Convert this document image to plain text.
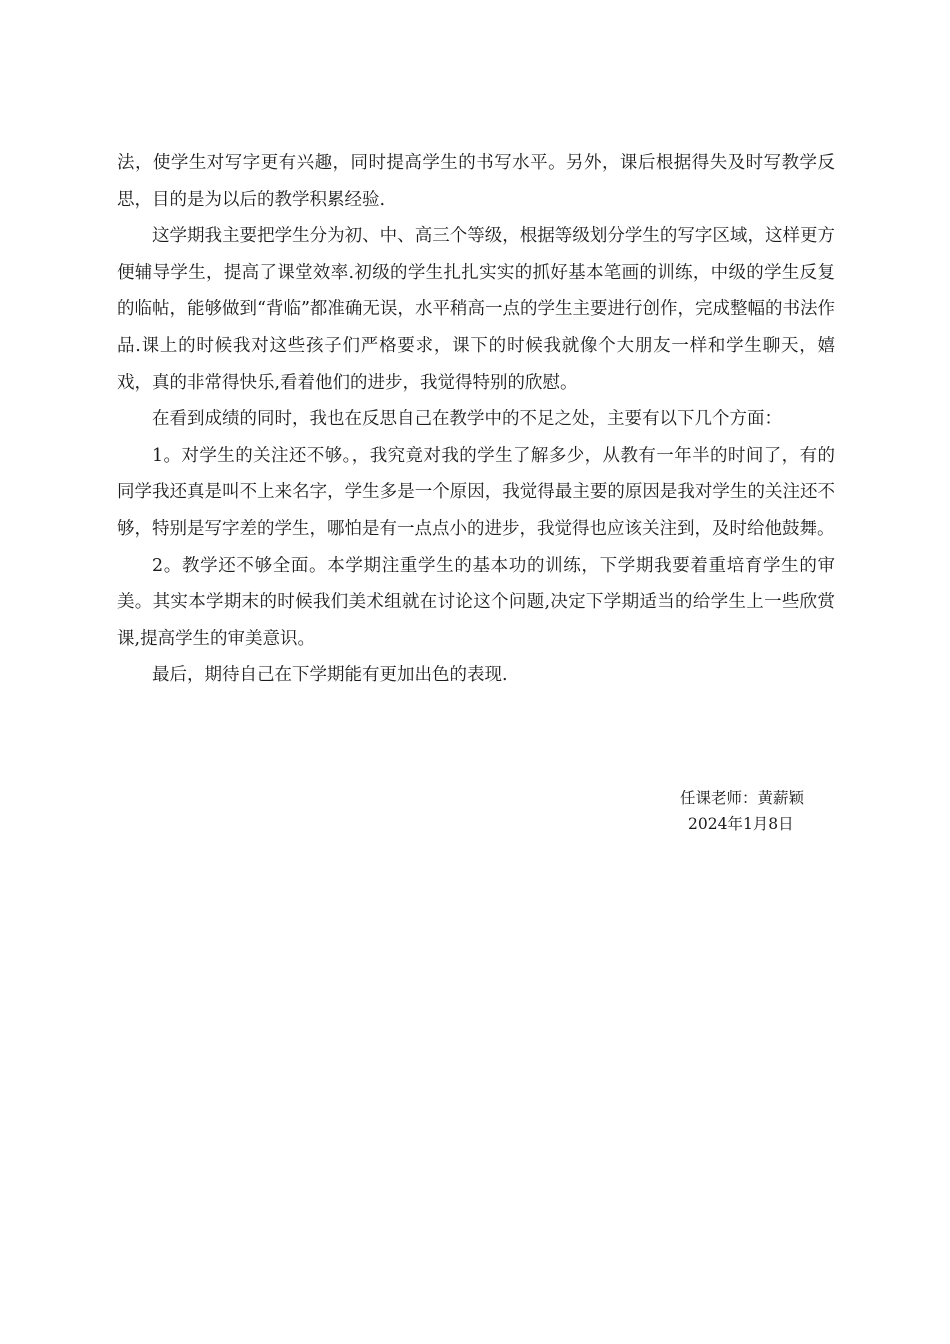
法，使学生对写字更有兴趣，同时提高学生的书写水平。另外，课后根据得失及时写教学反思，目的是为以后的教学积累经验.

这学期我主要把学生分为初、中、高三个等级，根据等级划分学生的写字区域，这样更方便辅导学生，提高了课堂效率.初级的学生扎扎实实的抓好基本笔画的训练，中级的学生反复的临帖，能够做到“背临”都准确无误，水平稍高一点的学生主要进行创作，完成整幅的书法作品.课上的时候我对这些孩子们严格要求，课下的时候我就像个大朋友一样和学生聊天，嬉戏，真的非常得快乐,看着他们的进步，我觉得特别的欣慰。

在看到成绩的同时，我也在反思自己在教学中的不足之处，主要有以下几个方面：

1。对学生的关注还不够。，我究竟对我的学生了解多少，从教有一年半的时间了，有的同学我还真是叫不上来名字，学生多是一个原因，我觉得最主要的原因是我对学生的关注还不够，特别是写字差的学生，哪怕是有一点点小的进步，我觉得也应该关注到，及时给他鼓舞。

2。教学还不够全面。本学期注重学生的基本功的训练，下学期我要着重培育学生的审美。其实本学期末的时候我们美术组就在讨论这个问题,决定下学期适当的给学生上一些欣赏课,提高学生的审美意识。

最后，期待自己在下学期能有更加出色的表现.

任课老师：黄薪颖
2024年1月8日
